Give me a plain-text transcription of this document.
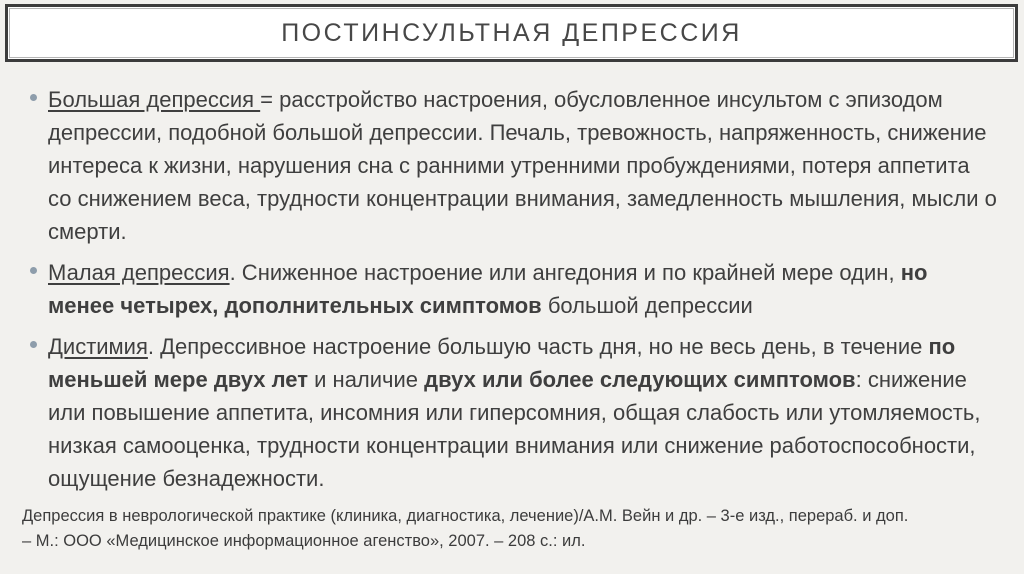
ПОСТИНСУЛЬТНАЯ ДЕПРЕССИЯ
Большая депрессия = расстройство настроения, обусловленное инсультом с эпизодом депрессии, подобной большой депрессии. Печаль, тревожность, напряженность, снижение интереса к жизни, нарушения сна с ранними утренними пробуждениями, потеря аппетита со снижением веса, трудности концентрации внимания, замедленность мышления, мысли о смерти.
Малая депрессия. Сниженное настроение или ангедония и по крайней мере один, но менее четырех, дополнительных симптомов большой депрессии
Дистимия. Депрессивное настроение большую часть дня, но не весь день, в течение по меньшей мере двух лет и наличие двух или более следующих симптомов: снижение или повышение аппетита, инсомния или гиперсомния, общая слабость или утомляемость, низкая самооценка, трудности концентрации внимания или снижение работоспособности, ощущение безнадежности.
Депрессия в неврологической практике (клиника, диагностика, лечение)/А.М. Вейн и др. – 3-е изд., перераб. и доп.
– М.: ООО «Медицинское информационное агенство», 2007. – 208 с.: ил.
